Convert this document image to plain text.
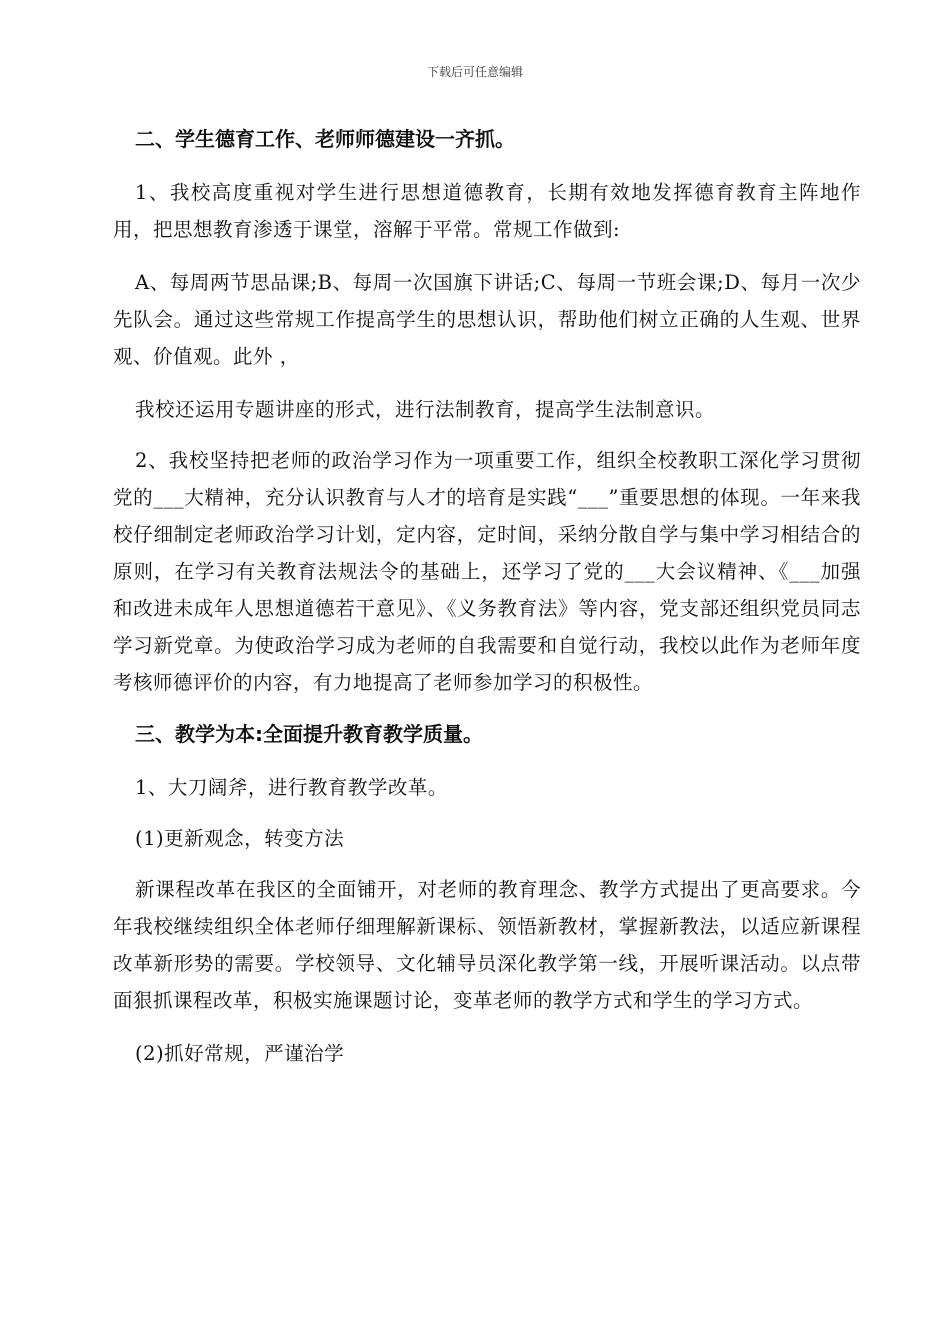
下载后可任意编辑
二、学生德育工作、老师师德建设一齐抓。

1、我校高度重视对学生进行思想道德教育，长期有效地发挥德育教育主阵地作用，把思想教育渗透于课堂，溶解于平常。常规工作做到:

A、每周两节思品课;B、每周一次国旗下讲话;C、每周一节班会课;D、每月一次少先队会。通过这些常规工作提高学生的思想认识，帮助他们树立正确的人生观、世界观、价值观。此外 ，

我校还运用专题讲座的形式，进行法制教育，提高学生法制意识。

2、我校坚持把老师的政治学习作为一项重要工作，组织全校教职工深化学习贯彻党的___大精神，充分认识教育与人才的培育是实践“___”重要思想的体现。一年来我校仔细制定老师政治学习计划，定内容，定时间，采纳分散自学与集中学习相结合的原则，在学习有关教育法规法令的基础上，还学习了党的___大会议精神、《___加强和改进未成年人思想道德若干意见》、《义务教育法》等内容，党支部还组织党员同志学习新党章。为使政治学习成为老师的自我需要和自觉行动，我校以此作为老师年度考核师德评价的内容，有力地提高了老师参加学习的积极性。

三、教学为本:全面提升教育教学质量。

1、大刀阔斧，进行教育教学改革。

(1)更新观念，转变方法

新课程改革在我区的全面铺开，对老师的教育理念、教学方式提出了更高要求。今年我校继续组织全体老师仔细理解新课标、领悟新教材，掌握新教法，以适应新课程改革新形势的需要。学校领导、文化辅导员深化教学第一线，开展听课活动。以点带面狠抓课程改革，积极实施课题讨论，变革老师的教学方式和学生的学习方式。

(2)抓好常规，严谨治学
